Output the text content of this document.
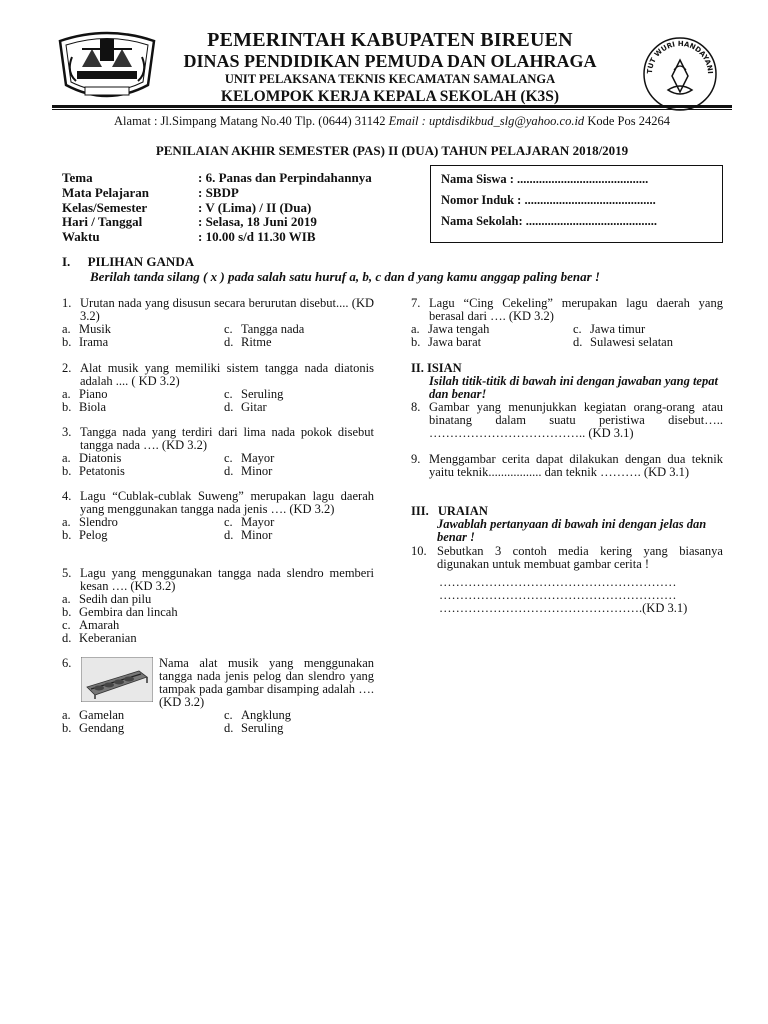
PEMERINTAH KABUPATEN BIREUEN
DINAS PENDIDIKAN PEMUDA DAN OLAHRAGA
UNIT PELAKSANA TEKNIS KECAMATAN SAMALANGA
KELOMPOK KERJA KEPALA SEKOLAH (K3S)
TUT WURI HANDAYANI
Alamat : Jl.Simpang Matang No.40 Tlp. (0644) 31142 Email : uptdisdikbud_slg@yahoo.co.id Kode Pos 24264
PENILAIAN AKHIR SEMESTER (PAS) II (DUA) TAHUN PELAJARAN 2018/2019
Tema	: 6. Panas dan Perpindahannya
Mata Pelajaran	: SBDP
Kelas/Semester	: V (Lima) / II (Dua)
Hari / Tanggal	: Selasa, 18 Juni 2019
Waktu	: 10.00 s/d 11.30 WIB
Nama Siswa : ..........................................
Nomor Induk : ..........................................
Nama Sekolah: ..........................................
I. PILIHAN GANDA
Berilah tanda silang ( x ) pada salah satu huruf a, b, c dan d yang kamu anggap paling benar !
1. Urutan nada yang disusun secara berurutan disebut.... (KD 3.2)
a. Musik	c. Tangga nada
b. Irama	d. Ritme
2. Alat musik yang memiliki sistem tangga nada diatonis adalah .... ( KD 3.2)
a. Piano	c. Seruling
b. Biola	d. Gitar
3. Tangga nada yang terdiri dari lima nada pokok disebut tangga nada …. (KD 3.2)
a. Diatonis	c. Mayor
b. Petatonis	d. Minor
4. Lagu “Cublak-cublak Suweng” merupakan lagu daerah yang menggunakan tangga nada jenis …. (KD 3.2)
a. Slendro	c. Mayor
b. Pelog	d. Minor
5. Lagu yang menggunakan tangga nada slendro memberi kesan …. (KD 3.2)
a. Sedih dan pilu
b. Gembira dan lincah
c. Amarah
d. Keberanian
6.	Nama alat musik yang menggunakan tangga nada jenis pelog dan slendro yang tampak pada gambar disamping adalah …. (KD 3.2)
a. Gamelan	c. Angklung
b. Gendang	d. Seruling
7. Lagu “Cing Cekeling” merupakan lagu daerah yang berasal dari …. (KD 3.2)
a. Jawa tengah	c. Jawa timur
b. Jawa barat	d. Sulawesi selatan
II. ISIAN
Isilah titik-titik di bawah ini dengan jawaban yang tepat dan benar!
8. Gambar yang menunjukkan kegiatan orang-orang atau binatang dalam suatu peristiwa disebut….. ……………………………….. (KD 3.1)
9. Menggambar cerita dapat dilakukan dengan dua teknik yaitu teknik................. dan teknik ………. (KD 3.1)
III. URAIAN
Jawablah pertanyaan di bawah ini dengan jelas dan benar !
10. Sebutkan 3 contoh media kering yang biasanya digunakan untuk membuat gambar cerita !
…………………………………………………
…………………………………………………
………………………………………….(KD 3.1)
